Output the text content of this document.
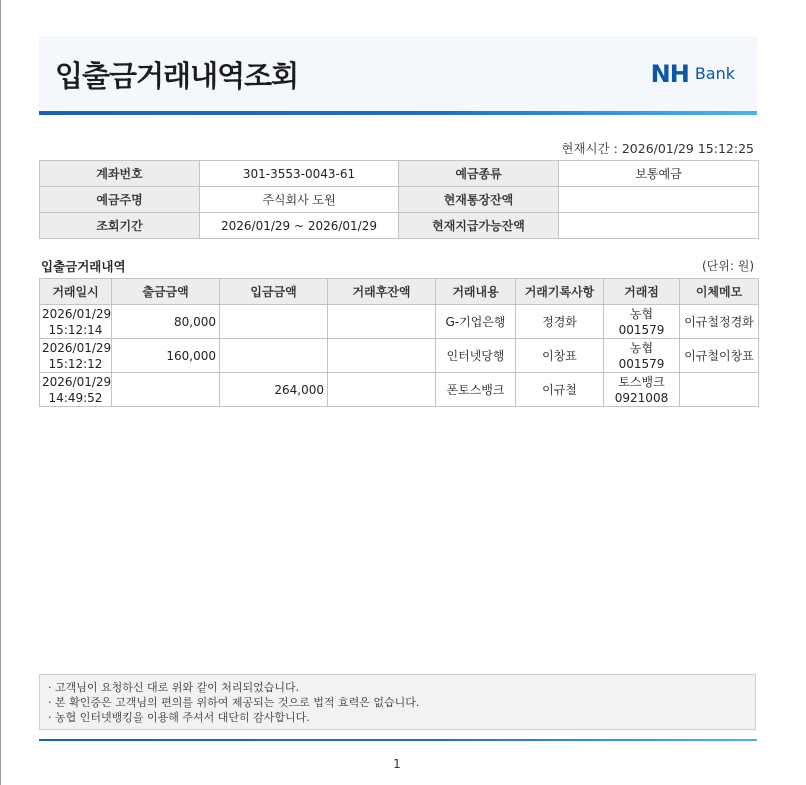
입출금거래내역조회	NH Bank
현재시간 : 2026/01/29 15:12:25
계좌번호	301-3553-0043-61	예금종류	보통예금
예금주명	주식회사 도원	현재통장잔액	
조회기간	2026/01/29 ~ 2026/01/29	현재지급가능잔액	
입출금거래내역	(단위: 원)
거래일시	출금금액	입금금액	거래후잔액	거래내용	거래기록사항	거래점	이체메모
2026/01/29
15:12:14	80,000			G-기업은행	정경화	농협 001579	이규철정경화
2026/01/29
15:12:12	160,000			인터넷당행	이창표	농협 001579	이규철이창표
2026/01/29
14:49:52		264,000		폰토스뱅크	이규철	토스뱅크
0921008	
· 고객님이 요청하신 대로 위와 같이 처리되었습니다.
· 본 확인증은 고객님의 편의를 위하여 제공되는 것으로 법적 효력은 없습니다.
· 농협 인터넷뱅킹을 이용해 주셔서 대단히 감사합니다.
1
